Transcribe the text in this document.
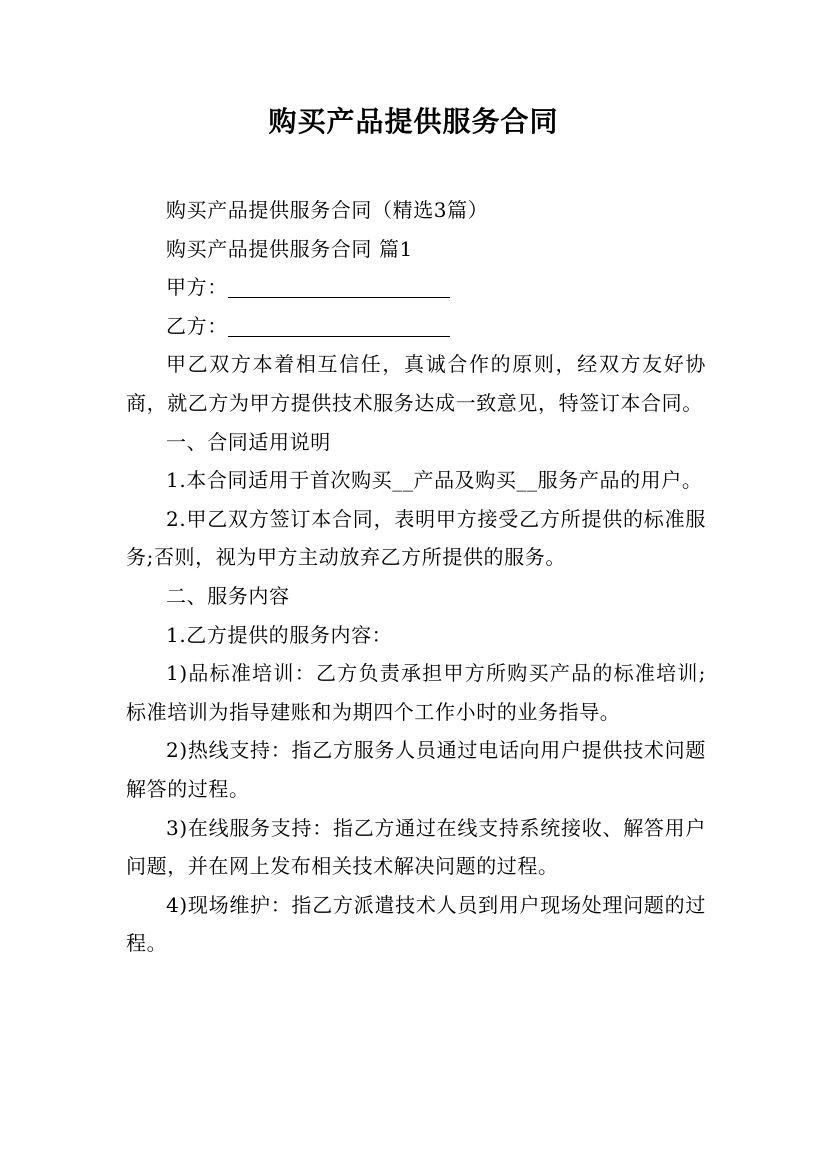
购买产品提供服务合同

购买产品提供服务合同（精选3篇）

购买产品提供服务合同 篇1

甲方：

乙方：

甲乙双方本着相互信任，真诚合作的原则，经双方友好协商，就乙方为甲方提供技术服务达成一致意见，特签订本合同。

一、合同适用说明

1.本合同适用于首次购买__产品及购买__服务产品的用户。

2.甲乙双方签订本合同，表明甲方接受乙方所提供的标准服务;否则，视为甲方主动放弃乙方所提供的服务。

二、服务内容

1.乙方提供的服务内容：

1)品标准培训：乙方负责承担甲方所购买产品的标准培训;标准培训为指导建账和为期四个工作小时的业务指导。

2)热线支持：指乙方服务人员通过电话向用户提供技术问题解答的过程。

3)在线服务支持：指乙方通过在线支持系统接收、解答用户问题，并在网上发布相关技术解决问题的过程。

4)现场维护：指乙方派遣技术人员到用户现场处理问题的过程。
